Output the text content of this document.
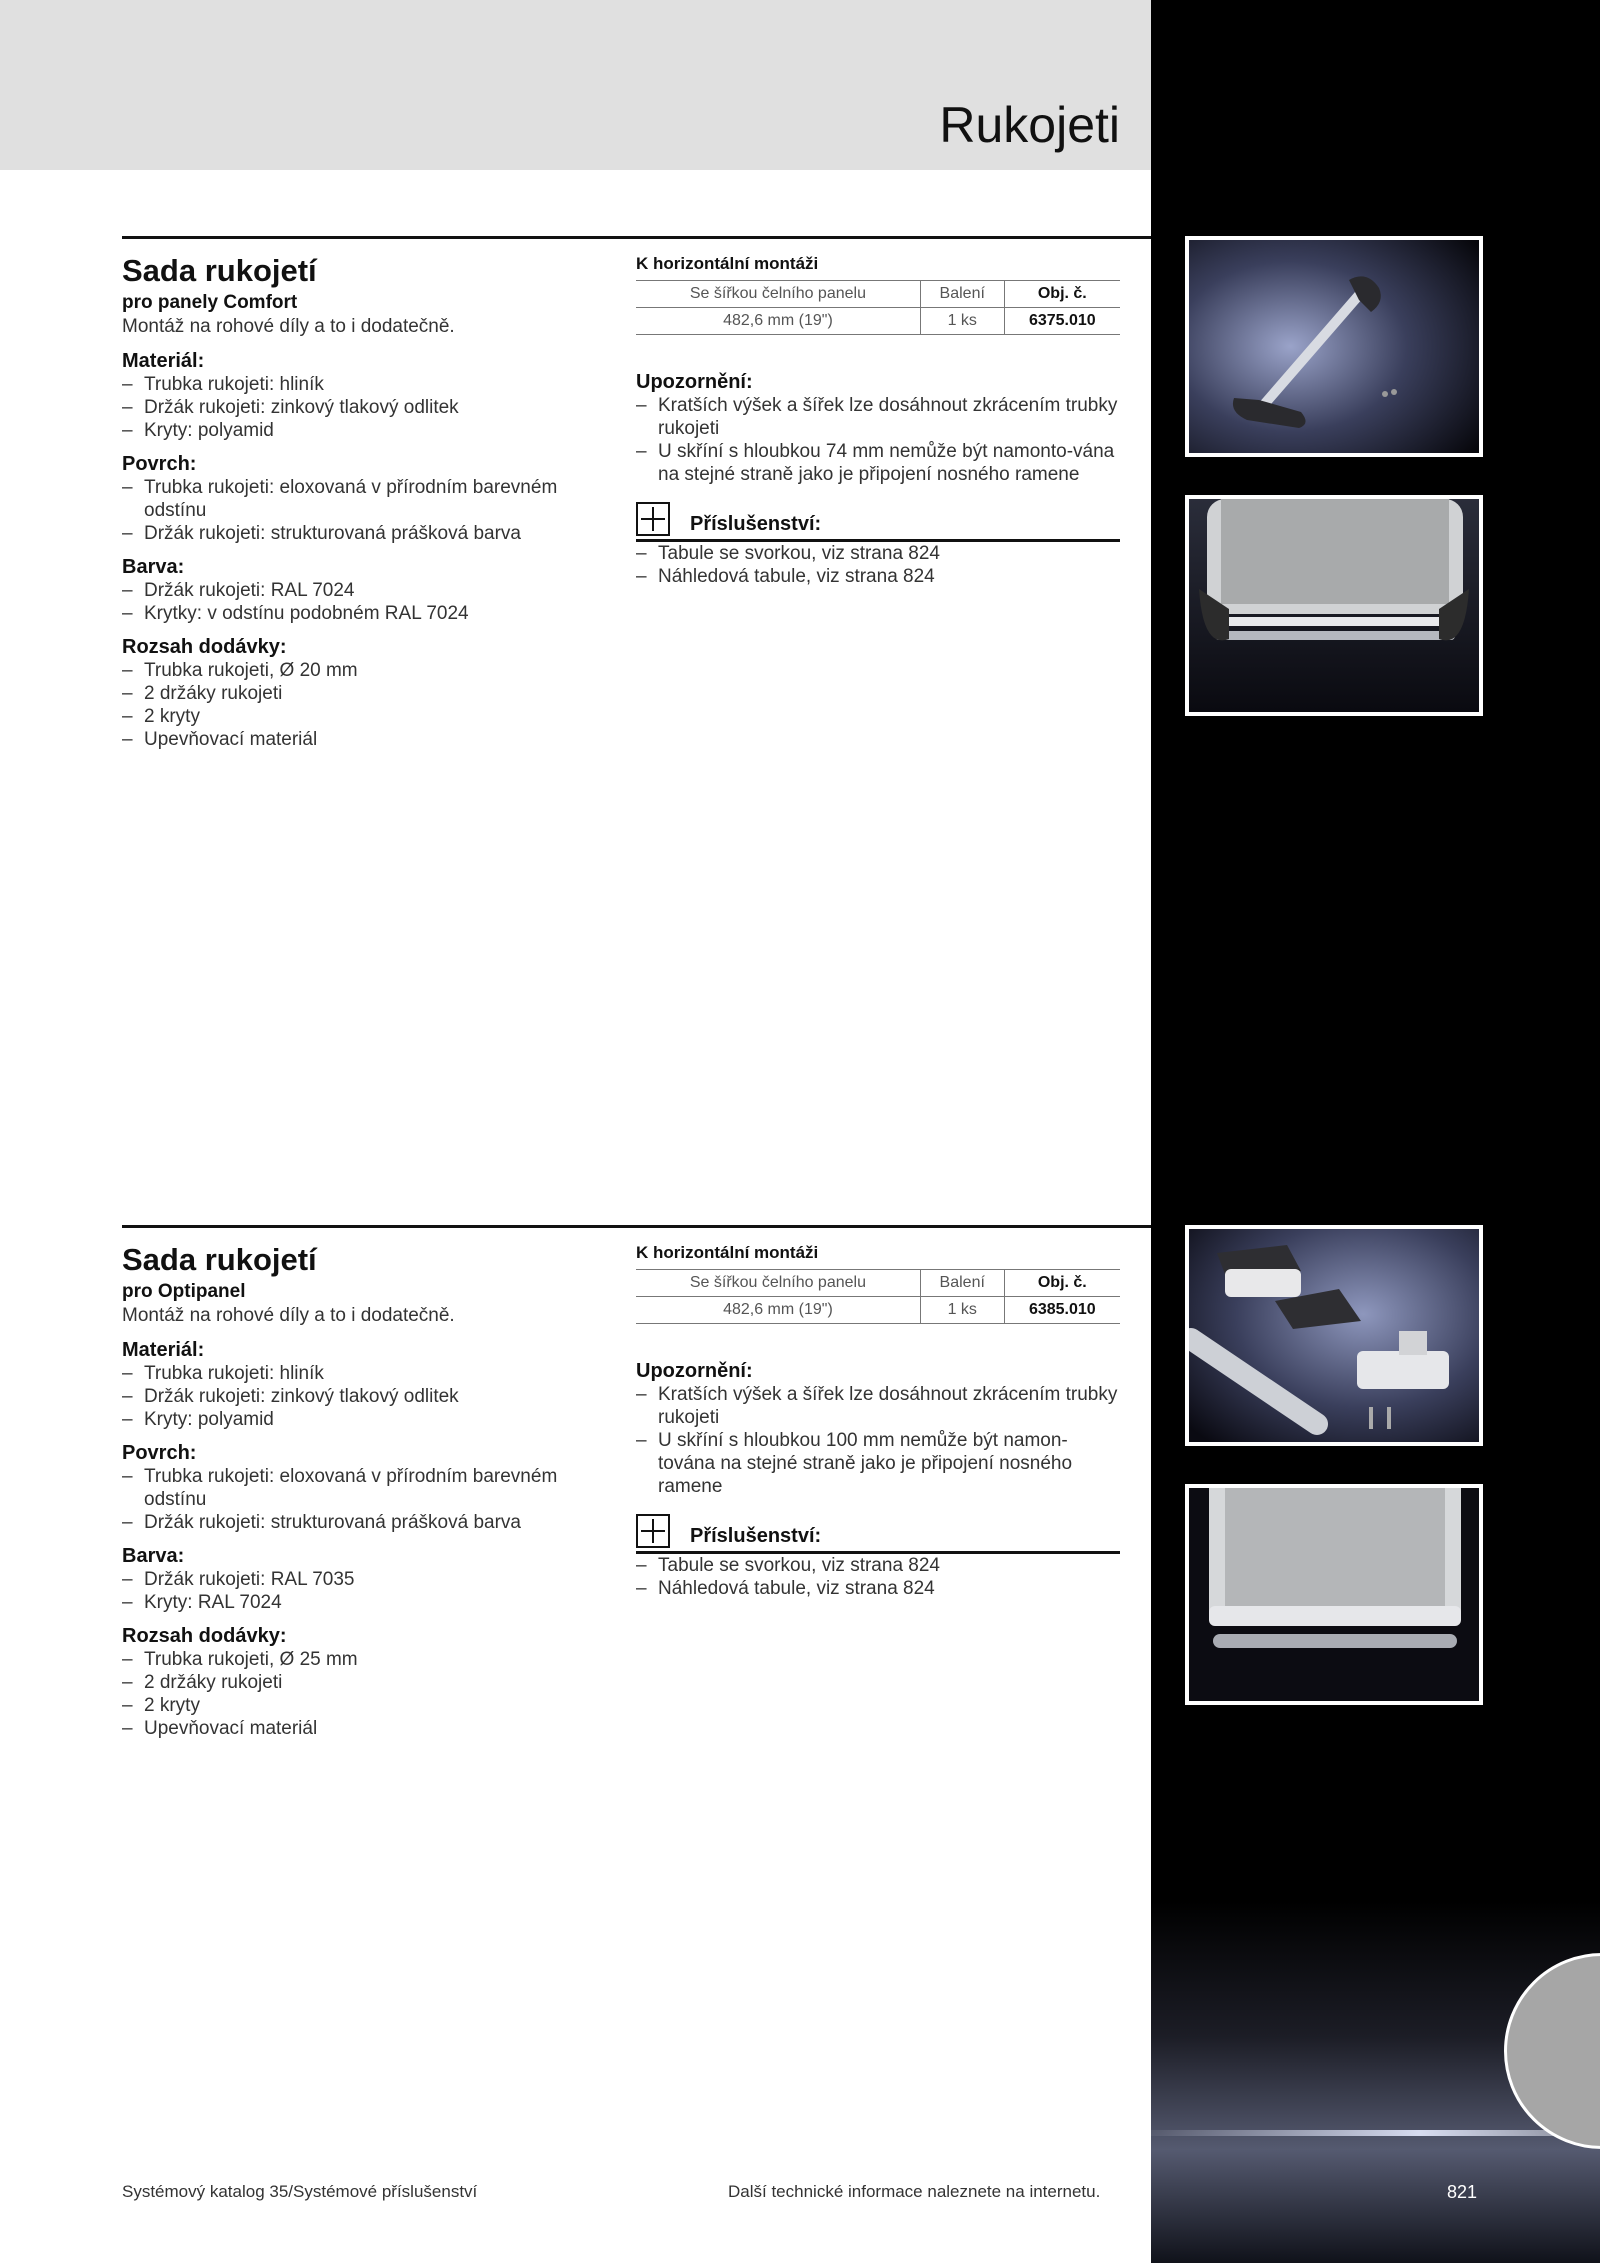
Rukojeti
Sada rukojetí

pro panely Comfort

Montáž na rohové díly a to i dodatečně.

Materiál:
– Trubka rukojeti: hliník
– Držák rukojeti: zinkový tlakový odlitek
– Kryty: polyamid
Povrch:
– Trubka rukojeti: eloxovaná v přírodním barevném odstínu
– Držák rukojeti: strukturovaná prášková barva
Barva:
– Držák rukojeti: RAL 7024
– Krytky: v odstínu podobném RAL 7024
Rozsah dodávky:
– Trubka rukojeti, Ø 20 mm
– 2 držáky rukojeti
– 2 kryty
– Upevňovací materiál
K horizontální montáži
Se šířkou čelního panelu	Balení	Obj. č.
482,6 mm (19")	1 ks	6375.010
Upozornění:
– Kratších výšek a šířek lze dosáhnout zkrácením trubky rukojeti
– U skříní s hloubkou 74 mm nemůže být namonto-vána na stejné straně jako je připojení nosného ramene
Příslušenství:
– Tabule se svorkou, viz strana 824
– Náhledová tabule, viz strana 824
Sada rukojetí

pro Optipanel

Montáž na rohové díly a to i dodatečně.

Materiál:
– Trubka rukojeti: hliník
– Držák rukojeti: zinkový tlakový odlitek
– Kryty: polyamid
Povrch:
– Trubka rukojeti: eloxovaná v přírodním barevném odstínu
– Držák rukojeti: strukturovaná prášková barva
Barva:
– Držák rukojeti: RAL 7035
– Kryty: RAL 7024
Rozsah dodávky:
– Trubka rukojeti, Ø 25 mm
– 2 držáky rukojeti
– 2 kryty
– Upevňovací materiál
K horizontální montáži
Se šířkou čelního panelu	Balení	Obj. č.
482,6 mm (19")	1 ks	6385.010
Upozornění:
– Kratších výšek a šířek lze dosáhnout zkrácením trubky rukojeti
– U skříní s hloubkou 100 mm nemůže být namon-tována na stejné straně jako je připojení nosného ramene
Příslušenství:
– Tabule se svorkou, viz strana 824
– Náhledová tabule, viz strana 824
Systémový katalog 35/Systémové příslušenství	Další technické informace naleznete na internetu.	821
